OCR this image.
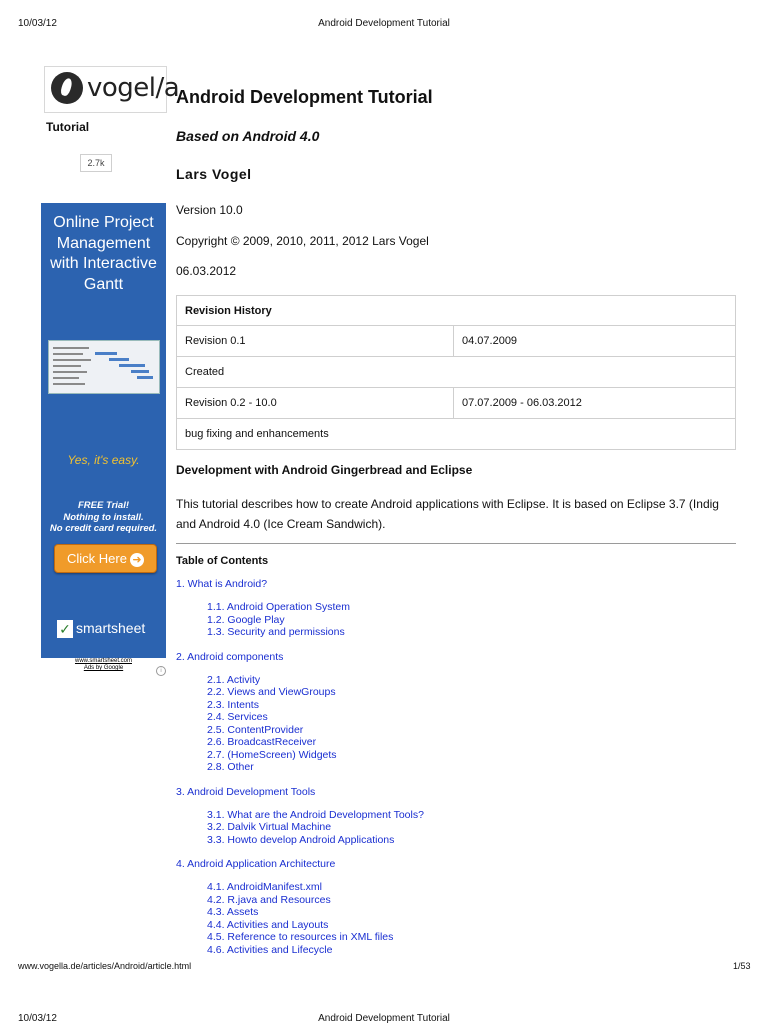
10/03/12	Android Development Tutorial
vogel/a
Tutorial
2.7k
Online Project Management with Interactive Gantt
Yes, it's easy.
FREE Trial!
Nothing to install.
No credit card required.
Click Here ➜
✓ smartsheet
www.smartsheet.com
Ads by Google	i
Android Development Tutorial
Based on Android 4.0
Lars Vogel
Version 10.0
Copyright © 2009, 2010, 2011, 2012 Lars Vogel
06.03.2012
Revision History	
Revision 0.1	04.07.2009
Created	
Revision 0.2 - 10.0	07.07.2009 - 06.03.2012
bug fixing and enhancements	
Development with Android Gingerbread and Eclipse
This tutorial describes how to create Android applications with Eclipse. It is based on Eclipse 3.7 (Indig
and Android 4.0 (Ice Cream Sandwich).
Table of Contents
1. What is Android?
1.1. Android Operation System
1.2. Google Play
1.3. Security and permissions
2. Android components
2.1. Activity
2.2. Views and ViewGroups
2.3. Intents
2.4. Services
2.5. ContentProvider
2.6. BroadcastReceiver
2.7. (HomeScreen) Widgets
2.8. Other
3. Android Development Tools
3.1. What are the Android Development Tools?
3.2. Dalvik Virtual Machine
3.3. Howto develop Android Applications
4. Android Application Architecture
4.1. AndroidManifest.xml
4.2. R.java and Resources
4.3. Assets
4.4. Activities and Layouts
4.5. Reference to resources in XML files
4.6. Activities and Lifecycle
www.vogella.de/articles/Android/article.html	1/53
10/03/12	Android Development Tutorial
